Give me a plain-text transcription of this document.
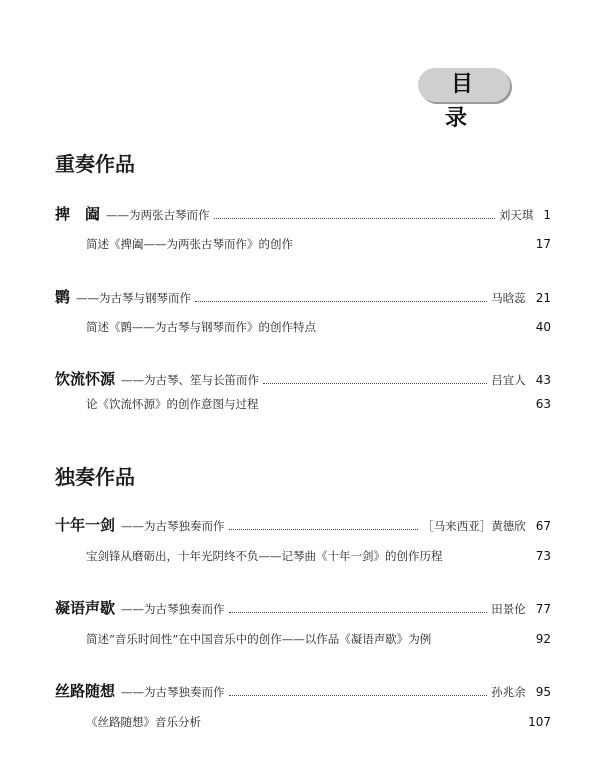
目 录
重奏作品
捭　阖 ——为两张古琴而作	刘天琪 1
简述《捭阖——为两张古琴而作》的创作	17
鹮 ——为古琴与钢琴而作	马晗蕊 21
简述《鹮——为古琴与钢琴而作》的创作特点	40
饮流怀源 ——为古琴、笙与长笛而作	吕宜人 43
论《饮流怀源》的创作意图与过程	63
独奏作品
十年一剑 ——为古琴独奏而作	［马来西亚］黄德欣 67
宝剑锋从磨砺出，十年光阴终不负——记琴曲《十年一剑》的创作历程	73
凝语声歇 ——为古琴独奏而作	田景伦 77
简述“音乐时间性”在中国音乐中的创作——以作品《凝语声歇》为例	92
丝路随想 ——为古琴独奏而作	孙兆余 95
《丝路随想》音乐分析	107
